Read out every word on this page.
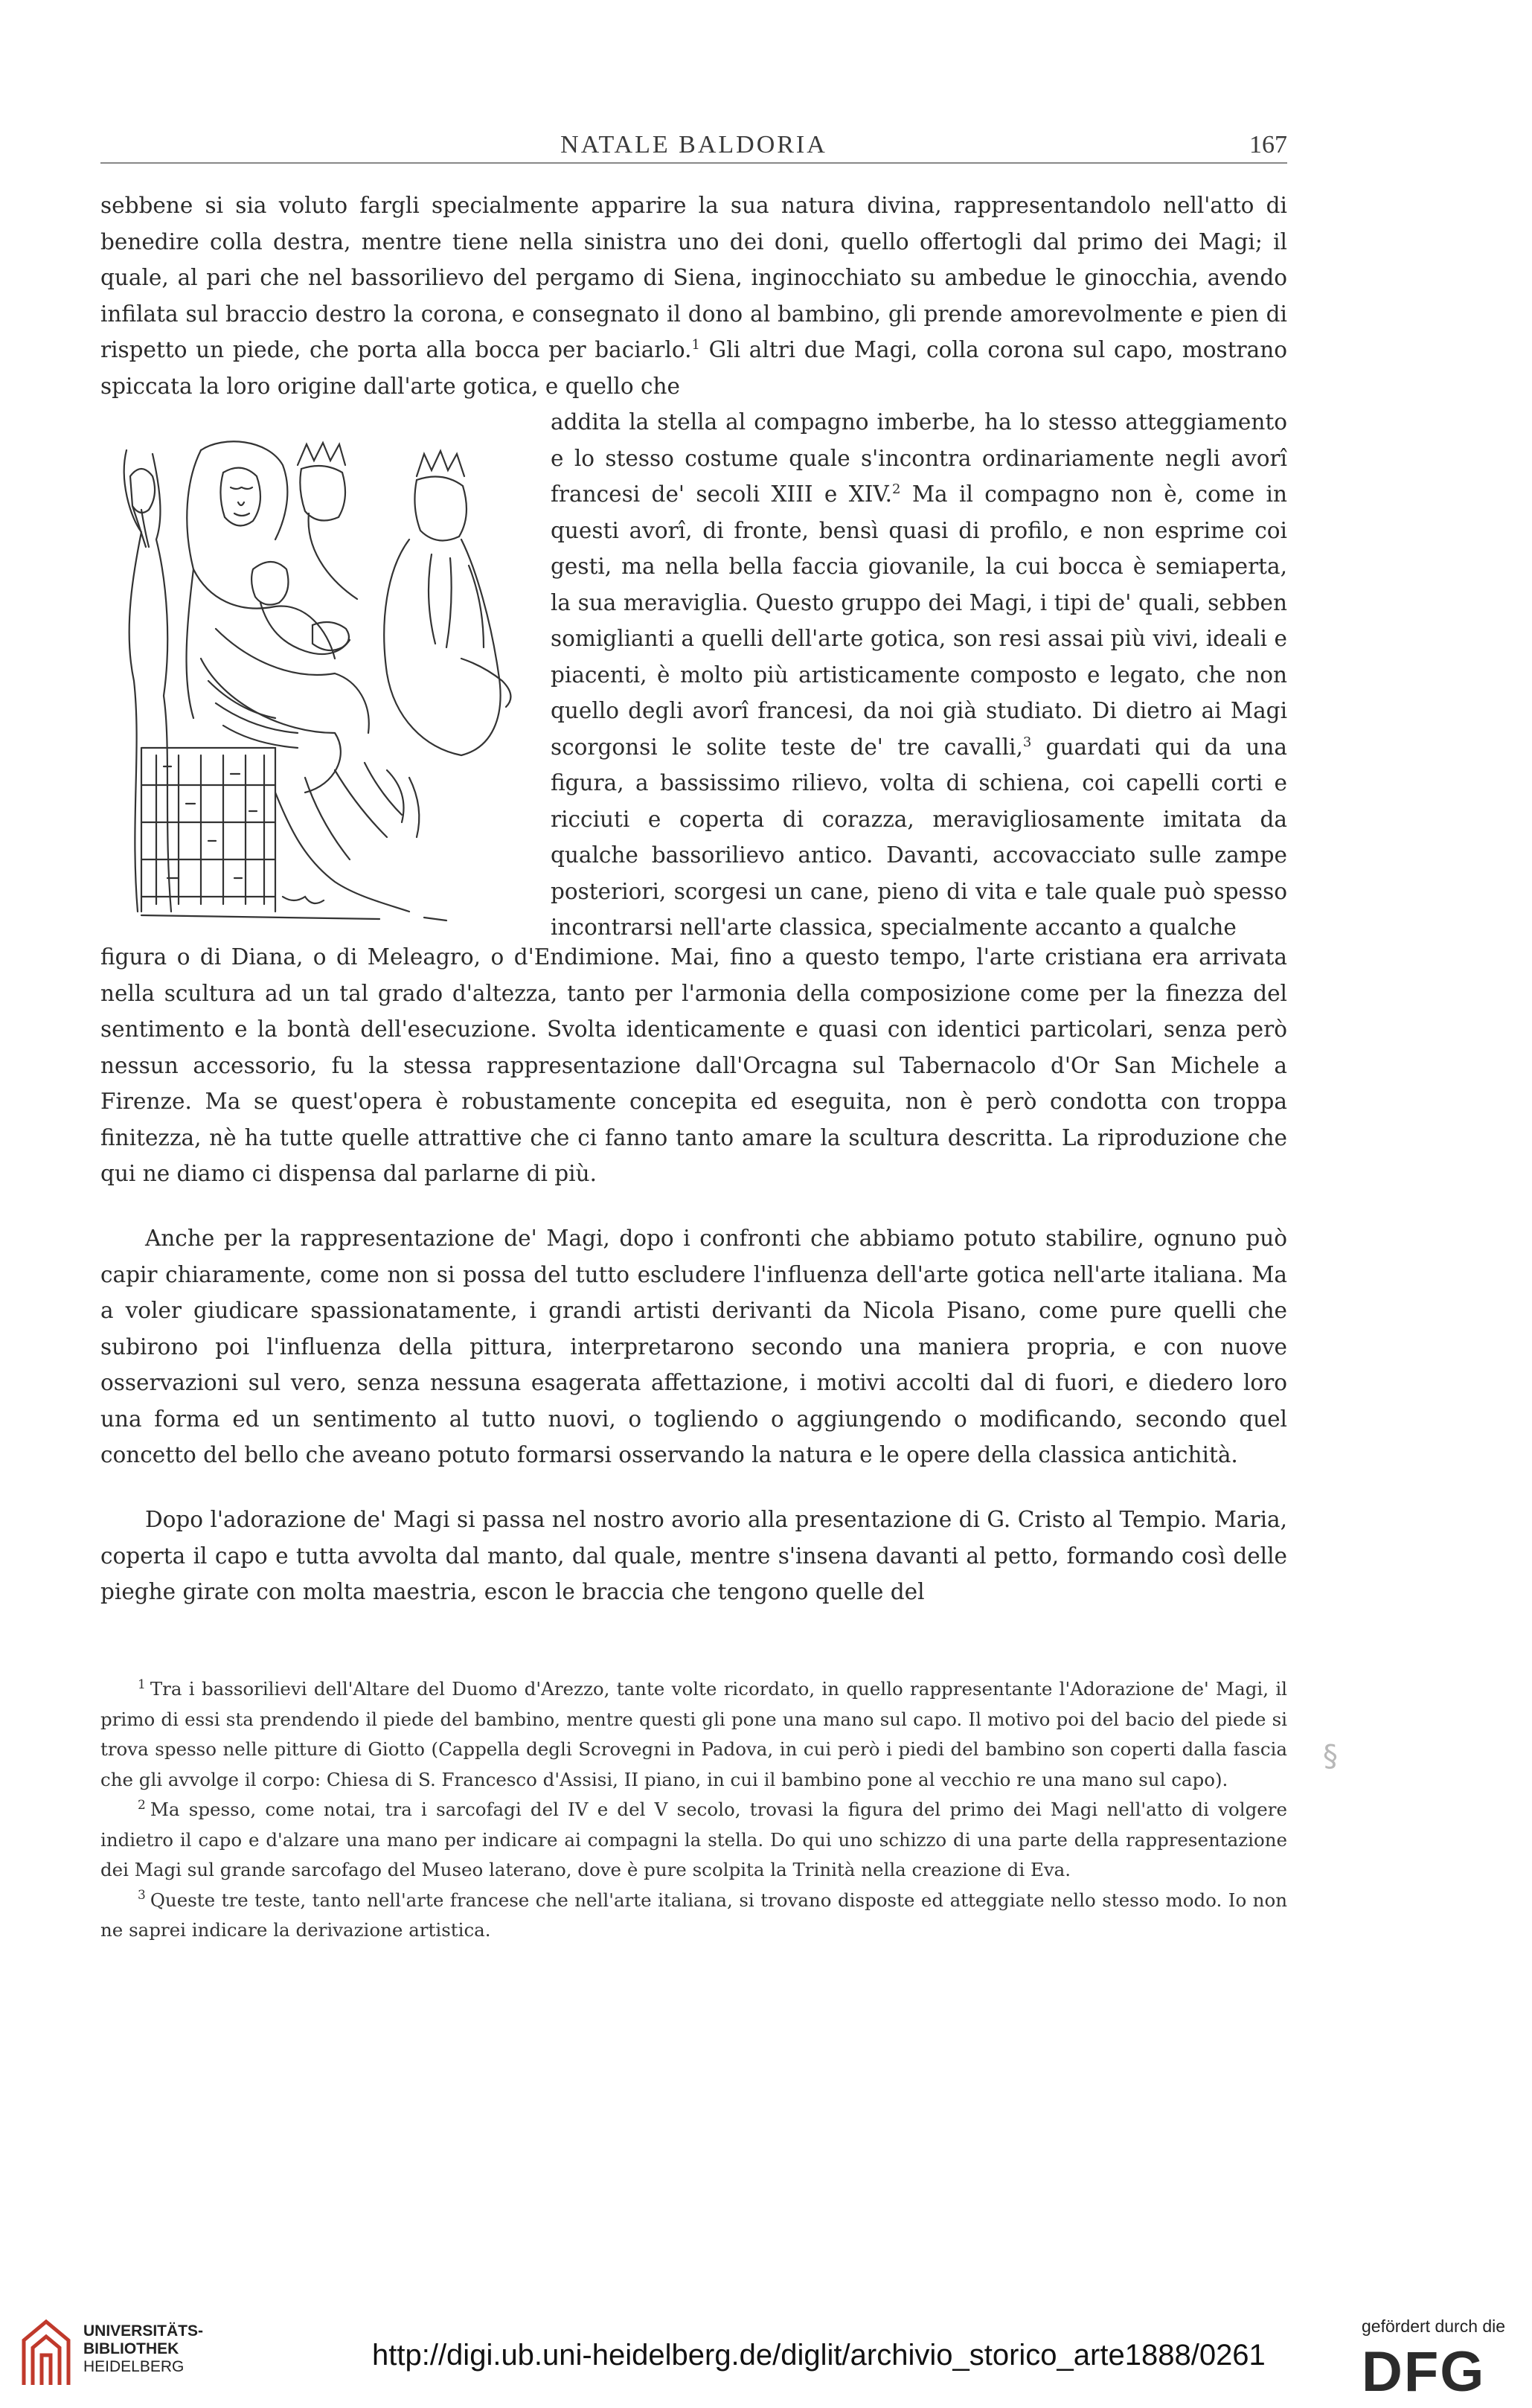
NATALE BALDORIA	167

sebbene si sia voluto fargli specialmente apparire la sua natura divina, rappresentandolo nell'atto di benedire colla destra, mentre tiene nella sinistra uno dei doni, quello offertogli dal primo dei Magi; il quale, al pari che nel bassorilievo del pergamo di Siena, inginocchiato su ambedue le ginocchia, avendo infilata sul braccio destro la corona, e consegnato il dono al bambino, gli prende amorevolmente e pien di rispetto un piede, che porta alla bocca per baciarlo.$^1$ Gli altri due Magi, colla corona sul capo, mostrano spiccata la loro origine dall'arte gotica, e quello che

addita la stella al compagno imberbe, ha lo stesso atteggiamento e lo stesso costume quale s'incontra ordinariamente negli avorî francesi de' secoli XIII e XIV.$^2$ Ma il compagno non è, come in questi avorî, di fronte, bensì quasi di profilo, e non esprime coi gesti, ma nella bella faccia giovanile, la cui bocca è semiaperta, la sua meraviglia. Questo gruppo dei Magi, i tipi de' quali, sebben somiglianti a quelli dell'arte gotica, son resi assai più vivi, ideali e piacenti, è molto più artisticamente composto e legato, che non quello degli avorî francesi, da noi già studiato. Di dietro ai Magi scorgonsi le solite teste de' tre cavalli,$^3$ guardati qui da una figura, a bassissimo rilievo, volta di schiena, coi capelli corti e ricciuti e coperta di corazza, meravigliosamente imitata da qualche bassorilievo antico. Davanti, accovacciato sulle zampe posteriori, scorgesi un cane, pieno di vita e tale quale può spesso incontrarsi nell'arte classica, specialmente accanto a qualche

figura o di Diana, o di Meleagro, o d'Endimione. Mai, fino a questo tempo, l'arte cristiana era arrivata nella scultura ad un tal grado d'altezza, tanto per l'armonia della composizione come per la finezza del sentimento e la bontà dell'esecuzione. Svolta identicamente e quasi con identici particolari, senza però nessun accessorio, fu la stessa rappresentazione dall'Orcagna sul Tabernacolo d'Or San Michele a Firenze. Ma se quest'opera è robustamente concepita ed eseguita, non è però condotta con troppa finitezza, nè ha tutte quelle attrattive che ci fanno tanto amare la scultura descritta. La riproduzione che qui ne diamo ci dispensa dal parlarne di più.

Anche per la rappresentazione de' Magi, dopo i confronti che abbiamo potuto stabilire, ognuno può capir chiaramente, come non si possa del tutto escludere l'influenza dell'arte gotica nell'arte italiana. Ma a voler giudicare spassionatamente, i grandi artisti derivanti da Nicola Pisano, come pure quelli che subirono poi l'influenza della pittura, interpretarono secondo una maniera propria, e con nuove osservazioni sul vero, senza nessuna esagerata affettazione, i motivi accolti dal di fuori, e diedero loro una forma ed un sentimento al tutto nuovi, o togliendo o aggiungendo o modificando, secondo quel concetto del bello che aveano potuto formarsi osservando la natura e le opere della classica antichità.

Dopo l'adorazione de' Magi si passa nel nostro avorio alla presentazione di G. Cristo al Tempio. Maria, coperta il capo e tutta avvolta dal manto, dal quale, mentre s'insena davanti al petto, formando così delle pieghe girate con molta maestria, escon le braccia che tengono quelle del

$^1$ Tra i bassorilievi dell'Altare del Duomo d'Arezzo, tante volte ricordato, in quello rappresentante l'Adorazione de' Magi, il primo di essi sta prendendo il piede del bambino, mentre questi gli pone una mano sul capo. Il motivo poi del bacio del piede si trova spesso nelle pitture di Giotto (Cappella degli Scrovegni in Padova, in cui però i piedi del bambino son coperti dalla fascia che gli avvolge il corpo: Chiesa di S. Francesco d'Assisi, II piano, in cui il bambino pone al vecchio re una mano sul capo).

$^2$ Ma spesso, come notai, tra i sarcofagi del IV e del V secolo, trovasi la figura del primo dei Magi nell'atto di volgere indietro il capo e d'alzare una mano per indicare ai compagni la stella. Do qui uno schizzo di una parte della rappresentazione dei Magi sul grande sarcofago del Museo laterano, dove è pure scolpita la Trinità nella creazione di Eva.

$^3$ Queste tre teste, tanto nell'arte francese che nell'arte italiana, si trovano disposte ed atteggiate nello stesso modo. Io non ne saprei indicare la derivazione artistica.

§
UNIVERSITÄTS-
BIBLIOTHEK
HEIDELBERG	http://digi.ub.uni-heidelberg.de/diglit/archivio_storico_arte1888/0261
gefördert durch die
DFG
